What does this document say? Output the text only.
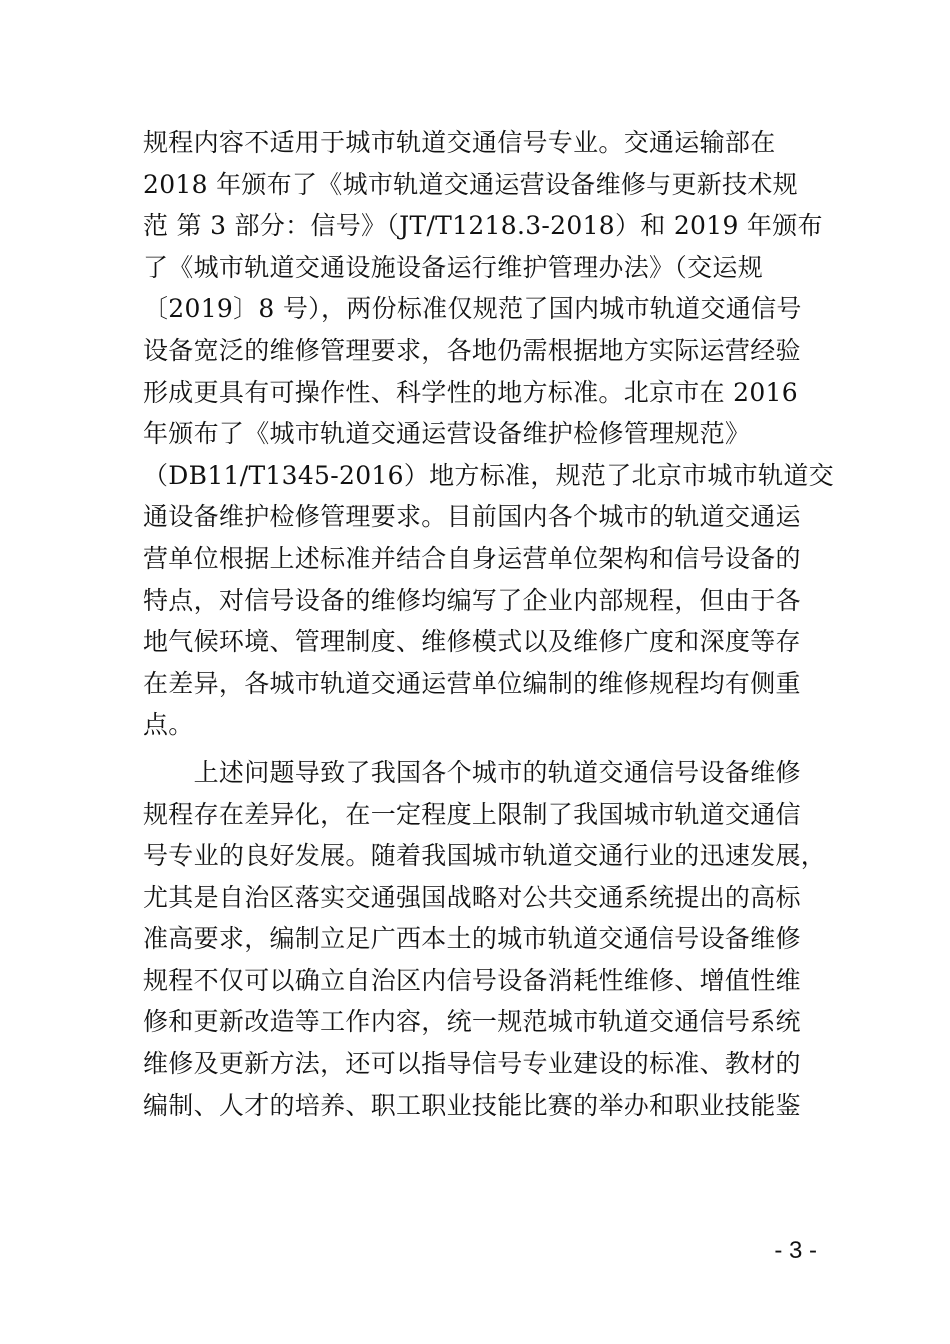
规程内容不适用于城市轨道交通信号专业。交通运输部在
2018 年颁布了《城市轨道交通运营设备维修与更新技术规
范 第 3 部分：信号》（JT/T1218.3-2018）和 2019 年颁布
了《城市轨道交通设施设备运行维护管理办法》（交运规
〔2019〕8 号），两份标准仅规范了国内城市轨道交通信号
设备宽泛的维修管理要求，各地仍需根据地方实际运营经验
形成更具有可操作性、科学性的地方标准。北京市在 2016
年颁布了《城市轨道交通运营设备维护检修管理规范》
（DB11/T1345-2016）地方标准，规范了北京市城市轨道交
通设备维护检修管理要求。目前国内各个城市的轨道交通运
营单位根据上述标准并结合自身运营单位架构和信号设备的
特点，对信号设备的维修均编写了企业内部规程，但由于各
地气候环境、管理制度、维修模式以及维修广度和深度等存
在差异，各城市轨道交通运营单位编制的维修规程均有侧重
点。
　　上述问题导致了我国各个城市的轨道交通信号设备维修
规程存在差异化，在一定程度上限制了我国城市轨道交通信
号专业的良好发展。随着我国城市轨道交通行业的迅速发展，
尤其是自治区落实交通强国战略对公共交通系统提出的高标
准高要求，编制立足广西本土的城市轨道交通信号设备维修
规程不仅可以确立自治区内信号设备消耗性维修、增值性维
修和更新改造等工作内容，统一规范城市轨道交通信号系统
维修及更新方法，还可以指导信号专业建设的标准、教材的
编制、人才的培养、职工职业技能比赛的举办和职业技能鉴
- 3 -
